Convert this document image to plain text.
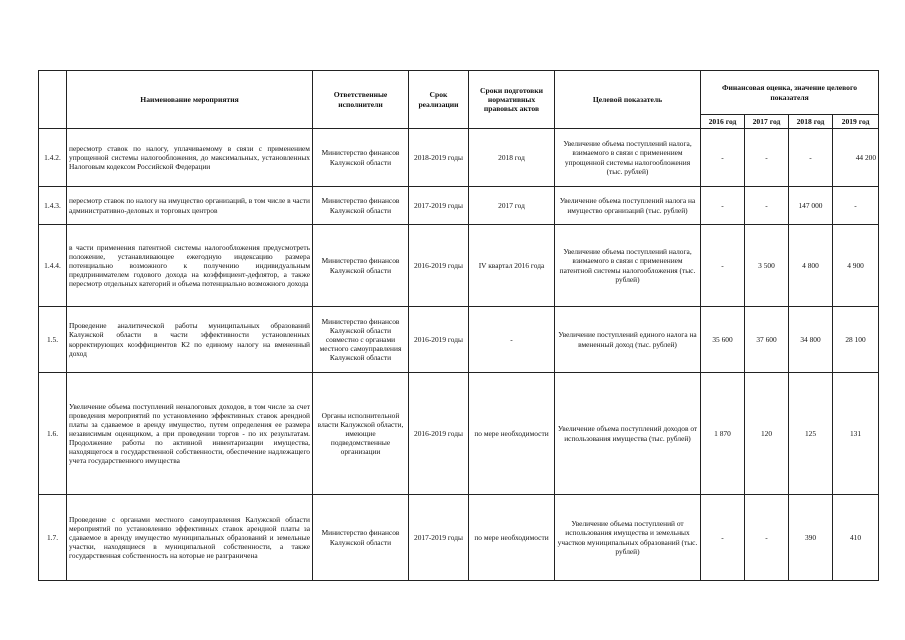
	Наименование мероприятия	Ответственные исполнители	Срок реализации	Сроки подготовки нормативных правовых актов	Целевой показатель	Финансовая оценка, значение целевого показателя			
						2016 год	2017 год	2018 год	2019 год
1.4.2.	пересмотр ставок по налогу, уплачиваемому в связи с применением упрощенной системы налогообложения, до максимальных, установленных Налоговым кодексом Российской Федерации	Министерство финансов Калужской области	2018-2019 годы	2018 год	Увеличение объема поступлений налога, взимаемого в связи с применением упрощенной системы налогообложения (тыс. рублей)	-	-	-	44 200
1.4.3.	пересмотр ставок по налогу на имущество организаций, в том числе в части административно-деловых и торговых центров	Министерство финансов Калужской области	2017-2019 годы	2017 год	Увеличение объема поступлений налога на имущество организаций (тыс. рублей)	-	-	147 000	-
1.4.4.	в части применения патентной системы налогообложения предусмотреть положение, устанавливающее ежегодную индексацию размера потенциально возможного к получению индивидуальным предпринимателем годового дохода на коэффициент-дефлятор, а также пересмотр отдельных категорий и объема потенциально возможного дохода	Министерство финансов Калужской области	2016-2019 годы	IV квартал 2016 года	Увеличение объема поступлений налога, взимаемого в связи с применением патентной системы налогообложения (тыс. рублей)	-	3 500	4 800	4 900
1.5.	Проведение аналитической работы муниципальных образований Калужской области в части эффективности установленных корректирующих коэффициентов К2 по единому налогу на вмененный доход	Министерство финансов Калужской области совместно с органами местного самоуправления Калужской области	2016-2019 годы	-	Увеличение поступлений единого налога на вмененный доход (тыс. рублей)	35 600	37 600	34 800	28 100
1.6.	Увеличение объема поступлений неналоговых доходов, в том числе за счет проведения мероприятий по установлению эффективных ставок арендной платы за сдаваемое в аренду имущество, путем определения ее размера независимым оценщиком, а при проведении торгов - по их результатам. Продолжение работы по активной инвентаризации имущества, находящегося в государственной собственности, обеспечение надлежащего учета государственного имущества	Органы исполнительной власти Калужской области, имеющие подведомственные организации	2016-2019 годы	по мере необходимости	Увеличение объема поступлений доходов от использования имущества (тыс. рублей)	1 870	120	125	131
1.7.	Проведение с органами местного самоуправления Калужской области мероприятий по установлению эффективных ставок арендной платы за сдаваемое в аренду имущество муниципальных образований и земельные участки, находящиеся в муниципальной собственности, а также государственная собственность на которые не разграничена	Министерство финансов Калужской области	2017-2019 годы	по мере необходимости	Увеличение объема поступлений от использования имущества и земельных участков муниципальных образований (тыс. рублей)	-	-	390	410
